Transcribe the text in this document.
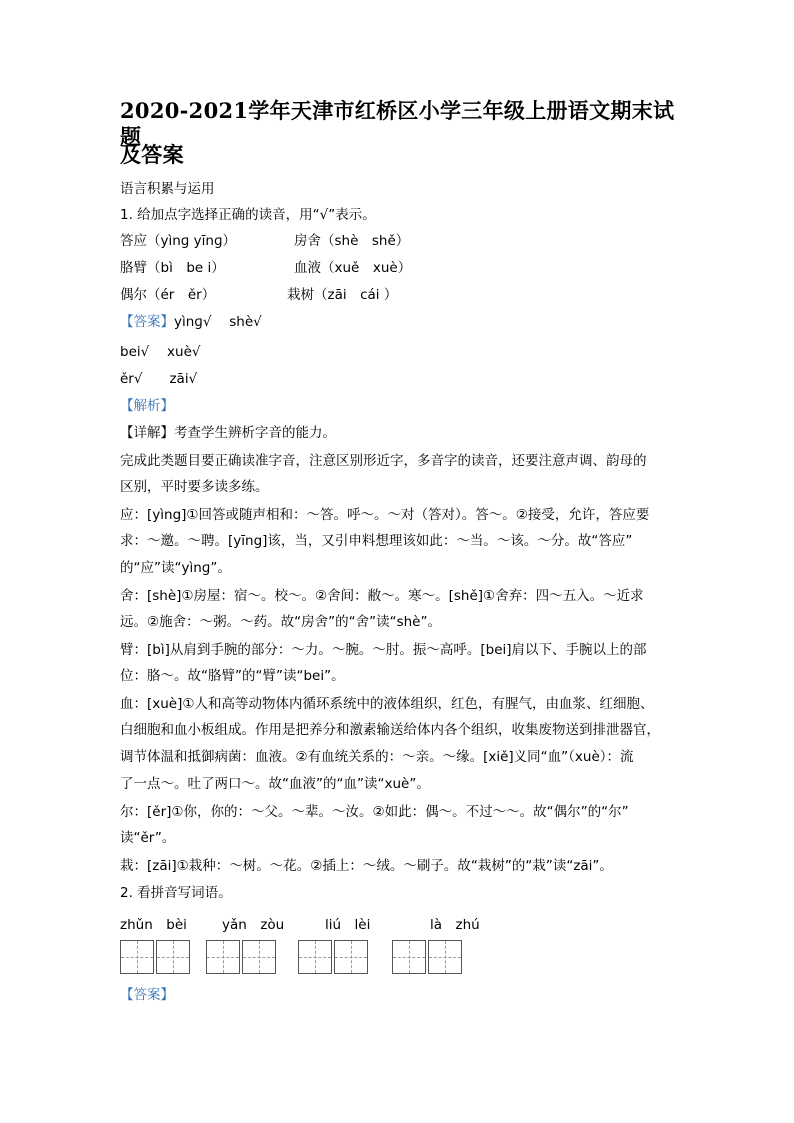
2020-2021学年天津市红桥区小学三年级上册语文期末试题
及答案
语言积累与运用
1. 给加点字选择正确的读音，用“√”表示。
答应（yìnɡ yīnɡ）	房舍（shè　shě）
胳臂（bì　be i）	血液（xuě　xuè）
偶尔（ér　ěr）	栽树（zāi　cái ）
【答案】yìnɡ√　 shè√
bei√　 xuè√
ěr√　　zāi√
【解析】
【详解】考查学生辨析字音的能力。
完成此类题目要正确读准字音，注意区别形近字，多音字的读音，还要注意声调、韵母的
区别，平时要多读多练。
应：[yìng]①回答或随声相和：～答。呼～。～对（答对）。答～。②接受，允许，答应要
求：～邀。～聘。[yīng]该，当，又引申料想理该如此：～当。～该。～分。故“答应”
的“应”读“yìnɡ”。
舍：[shè]①房屋：宿～。校～。②舍间：敝～。寒～。[shě]①舍弃：四～五入。～近求
远。②施舍：～粥。～药。故“房舍”的“舍”读“shè”。
臂：[bì]从肩到手腕的部分：～力。～腕。～肘。振～高呼。[bei]肩以下、手腕以上的部
位：胳～。故“胳臂”的“臂”读“bei”。
血：[xuè]①人和高等动物体内循环系统中的液体组织，红色，有腥气，由血浆、红细胞、
白细胞和血小板组成。作用是把养分和激素输送给体内各个组织，收集废物送到排泄器官，
调节体温和抵御病菌：血液。②有血统关系的：～亲。～缘。[xiě]义同“血”（xuè）：流
了一点～。吐了两口～。故“血液”的“血”读“xuè”。
尔：[ěr]①你，你的：～父。～辈。～汝。②如此：偶～。不过～～。故“偶尔”的“尔”
读“ěr”。
栽：[zāi]①栽种：～树。～花。②插上：～绒。～刷子。故“栽树”的“栽”读“zāi”。
2. 看拼音写词语。
zhǔn　bèi	yǎn　zòu	liú　lèi	là　zhú
【答案】
